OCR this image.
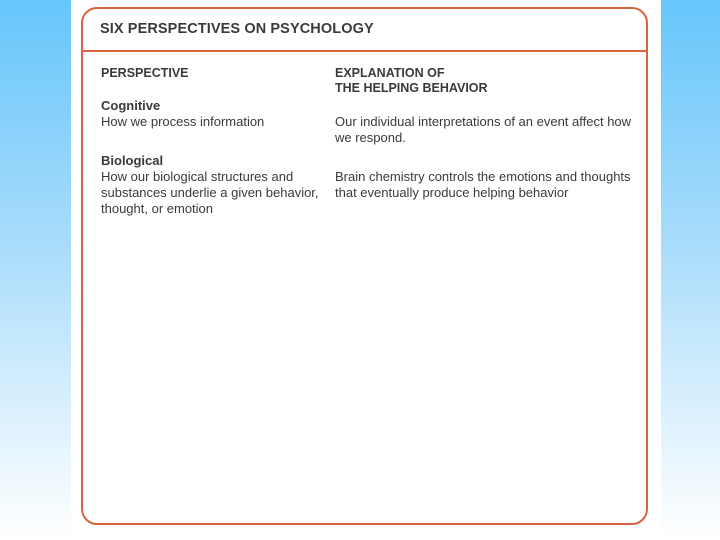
SIX PERSPECTIVES ON PSYCHOLOGY
PERSPECTIVE	EXPLANATION OF
THE HELPING BEHAVIOR
Cognitive
How we process information	Our individual interpretations of an event affect how we respond.
Biological
How our biological structures and substances underlie a given behavior, thought, or emotion
Brain chemistry controls the emotions and thoughts that eventually produce helping behavior
